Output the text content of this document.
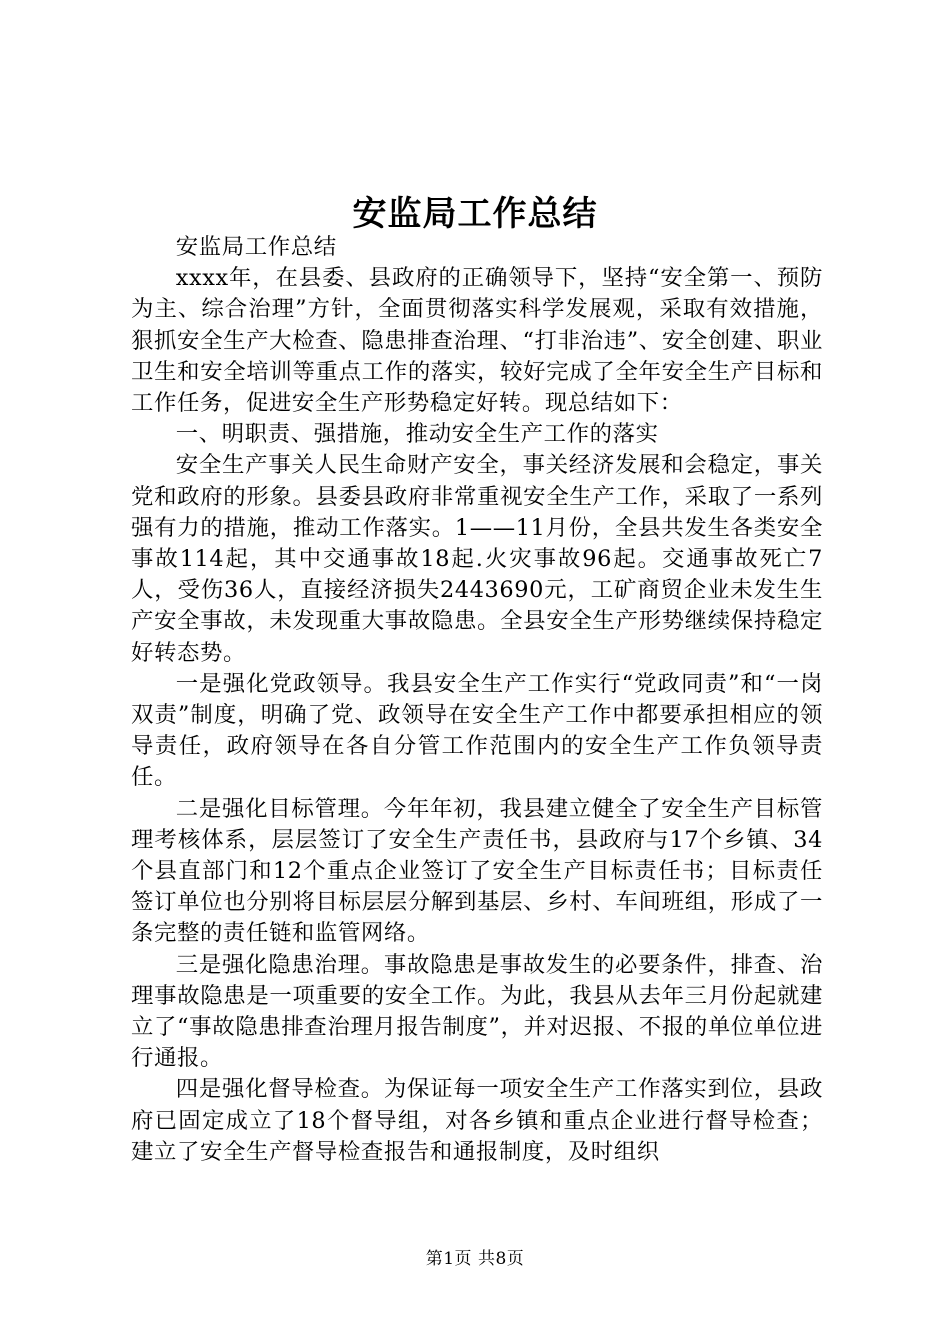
安监局工作总结

安监局工作总结

xxxx年，在县委、县政府的正确领导下，坚持“安全第一、预防为主、综合治理”方针，全面贯彻落实科学发展观，采取有效措施，狠抓安全生产大检查、隐患排查治理、“打非治违”、安全创建、职业卫生和安全培训等重点工作的落实，较好完成了全年安全生产目标和工作任务，促进安全生产形势稳定好转。现总结如下：

一、明职责、强措施，推动安全生产工作的落实

安全生产事关人民生命财产安全，事关经济发展和会稳定，事关党和政府的形象。县委县政府非常重视安全生产工作，采取了一系列强有力的措施，推动工作落实。1——11月份，全县共发生各类安全事故114起，其中交通事故18起.火灾事故96起。交通事故死亡7人，受伤36人，直接经济损失2443690元，工矿商贸企业未发生生产安全事故，未发现重大事故隐患。全县安全生产形势继续保持稳定好转态势。

一是强化党政领导。我县安全生产工作实行“党政同责”和“一岗双责”制度，明确了党、政领导在安全生产工作中都要承担相应的领导责任，政府领导在各自分管工作范围内的安全生产工作负领导责任。

二是强化目标管理。今年年初，我县建立健全了安全生产目标管理考核体系，层层签订了安全生产责任书，县政府与17个乡镇、34个县直部门和12个重点企业签订了安全生产目标责任书；目标责任签订单位也分别将目标层层分解到基层、乡村、车间班组，形成了一条完整的责任链和监管网络。

三是强化隐患治理。事故隐患是事故发生的必要条件，排查、治理事故隐患是一项重要的安全工作。为此，我县从去年三月份起就建立了“事故隐患排查治理月报告制度”，并对迟报、不报的单位单位进行通报。

四是强化督导检查。为保证每一项安全生产工作落实到位，县政府已固定成立了18个督导组，对各乡镇和重点企业进行督导检查；建立了安全生产督导检查报告和通报制度，及时组织

第1页 共8页
